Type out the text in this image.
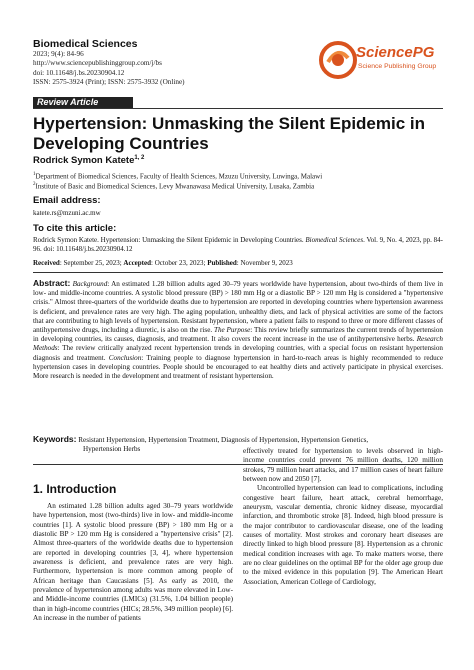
Biomedical Sciences
2023; 9(4): 84-96
http://www.sciencepublishinggroup.com/j/bs
doi: 10.11648/j.bs.20230904.12
ISSN: 2575-3924 (Print); ISSN: 2575-3932 (Online)
SciencePG
Science Publishing Group
Review Article
Hypertension: Unmasking the Silent Epidemic in Developing Countries
Rodrick Symon Katete$^{1, 2}$
$^1$Department of Biomedical Sciences, Faculty of Health Sciences, Mzuzu University, Luwinga, Malawi
$^2$Institute of Basic and Biomedical Sciences, Levy Mwanawasa Medical University, Lusaka, Zambia
Email address:
katete.rs@mzuni.ac.mw
To cite this article:
Rodrick Symon Katete. Hypertension: Unmasking the Silent Epidemic in Developing Countries. Biomedical Sciences. Vol. 9, No. 4, 2023, pp. 84-96. doi: 10.11648/j.bs.20230904.12
Received: September 25, 2023; Accepted: October 23, 2023; Published: November 9, 2023
Abstract: Background: An estimated 1.28 billion adults aged 30–79 years worldwide have hypertension, about two-thirds of them live in low- and middle-income countries. A systolic blood pressure (BP) > 180 mm Hg or a diastolic BP > 120 mm Hg is considered a "hypertensive crisis." Almost three-quarters of the worldwide deaths due to hypertension are reported in developing countries where hypertension awareness is deficient, and prevalence rates are very high. The aging population, unhealthy diets, and lack of physical activities are some of the factors that are contributing to high levels of hypertension. Resistant hypertension, where a patient fails to respond to three or more different classes of antihypertensive drugs, including a diuretic, is also on the rise. The Purpose: This review briefly summarizes the current trends of hypertension in developing countries, its causes, diagnosis, and treatment. It also covers the recent increase in the use of antihypertensive herbs. Research Methods: The review critically analyzed recent hypertension trends in developing countries, with a special focus on resistant hypertension diagnosis and treatment. Conclusion: Training people to diagnose hypertension in hard-to-reach areas is highly recommended to reduce hypertension cases in developing countries. People should be encouraged to eat healthy diets and actively participate in physical exercises. More research is needed in the development and treatment of resistant hypertension.
Keywords: Resistant Hypertension, Hypertension Treatment, Diagnosis of Hypertension, Hypertension Genetics,
Hypertension Herbs
1. Introduction

An estimated 1.28 billion adults aged 30–79 years worldwide have hypertension, most (two-thirds) live in low- and middle-income countries [1]. A systolic blood pressure (BP) > 180 mm Hg or a diastolic BP > 120 mm Hg is considered a "hypertensive crisis" [2]. Almost three-quarters of the worldwide deaths due to hypertension are reported in developing countries [3, 4], where hypertension awareness is deficient, and prevalence rates are very high. Furthermore, hypertension is more common among people of African heritage than Caucasians [5]. As early as 2010, the prevalence of hypertension among adults was more elevated in Low- and Middle-income countries (LMICs) (31.5%, 1.04 billion people) than in high-income countries (HICs; 28.5%, 349 million people) [6]. An increase in the number of patients

effectively treated for hypertension to levels observed in high-income countries could prevent 76 million deaths, 120 million strokes, 79 million heart attacks, and 17 million cases of heart failure between now and 2050 [7].

Uncontrolled hypertension can lead to complications, including congestive heart failure, heart attack, cerebral hemorrhage, aneurysm, vascular dementia, chronic kidney disease, myocardial infarction, and thrombotic stroke [8]. Indeed, high blood pressure is the major contributor to cardiovascular disease, one of the leading causes of mortality. Most strokes and coronary heart diseases are directly linked to high blood pressure [8]. Hypertension as a chronic medical condition increases with age. To make matters worse, there are no clear guidelines on the optimal BP for the older age group due to the mixed evidence in this population [9]. The American Heart Association, American College of Cardiology,
